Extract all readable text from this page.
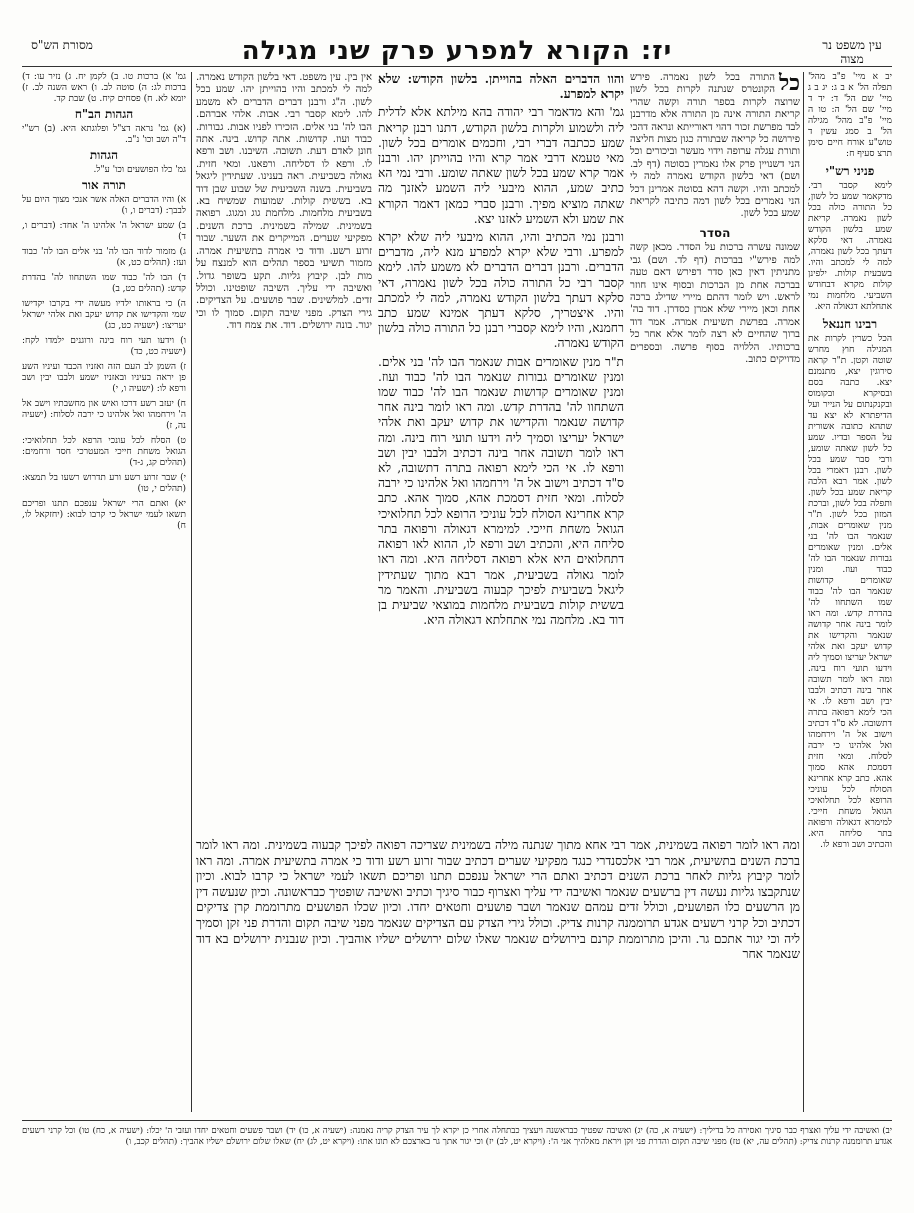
עין משפט נר מצוה
יז: הקורא למפרע פרק שני מגילה
מסורת הש"ס

יב א מיי' פ"ב מהל' תפלה הל' א ב ג: יג ב ג מיי' שם הל' ד: יד ד מיי' שם הל' ה: טו ה מיי' פ"ב מהל' מגילה הל' ב סמג עשין ד טוש"ע אורח חיים סימן תרצ סעיף ח:

פניני רש"י

לימא קסבר רבי. מדקאמר שמע כל לשון, כל התורה כולה בכל לשון נאמרה. קריאת שמע בלשון הקודש נאמרה. דאי סלקא דעתך בכל לשון נאמרה, למה לי למכתב והיו. בשבעית קולות. ילפינן קולות מקרא דבחודש השביעי. מלחמות נמי אתחלתא דגאולה היא.

רבינו חננאל

הכל כשרין לקרות את המגילה חוץ מחרש שוטה וקטן. ת"ר קראה סירוגין יצא, מתנמנם יצא. כתבה בסם ובסיקרא ובקומוס ובקנקנתום על הנייר ועל הדיפתרא לא יצא עד שתהא כתובה אשורית על הספר ובדיו. שמע כל לשון שאתה שומע, ורבי סבר שמע בכל לשון. רבנן דאמרי בכל לשון. אמר רבא הלכה קריאת שמע בכל לשון. ותפלה בכל לשון, וברכת המזון בכל לשון. ת"ר מנין שאומרים אבות, שנאמר הבו לה' בני אלים. ומנין שאומרים גבורות שנאמר הבו לה' כבוד ועוז. ומנין שאומרים קדושות שנאמר הבו לה' כבוד שמו השתחוו לה' בהדרת קדש. ומה ראו לומר בינה אחר קדושה שנאמר והקדישו את קדוש יעקב ואת אלהי ישראל יעריצו וסמיך ליה וידעו תועי רוח בינה. ומה ראו לומר תשובה אחר בינה דכתיב ולבבו יבין ושב ורפא לו. אי הכי לימא רפואה בתרה דתשובה. לא ס"ד דכתיב וישוב אל ה' וירחמהו ואל אלהינו כי ירבה לסלוח. ומאי חזית דסמכת אהא סמוך אהא. כתב קרא אחרינא הסולח לכל עוניכי הרופא לכל תחלואיכי הגואל משחת חייכי. למימרא דגאולה ורפואה בתר סליחה היא. והכתיב ושב ורפא לו.

כל

התורה בכל לשון נאמרה. פירש הקונטרס שנתנה לקרות בכל לשון שרוצה לקרות בספר תורה וקשה שהרי קריאת התורה אינה מן התורה אלא מדרבנן לבד מפרשת זכור דהוי דאורייתא ונראה דהכי פירושה כל קריאה שבתורה כגון מצות חליצה ותורת עגלה ערופה וידוי מעשר וביכורים וכל הני דשנויין פרק אלו נאמרין בסוטה (דף לב. ושם) דאי בלשון הקודש נאמרה למה לי למכתב והיו. וקשה דהא בסוטה אמרינן דכל הני נאמרים בכל לשון דמה כתיבה לקריאת שמע בכל לשון.

הסדר

שמונה עשרה ברכות על הסדר. מכאן קשה למה פירש"י בברכות (דף לד. ושם) גבי מתניתין דאין כאן סדר דפירש דאם טעה בברכה אחת מן הברכות ובסוף אינו חוזר לראש. ויש לומר דהתם מיירי שדילג ברכה אחת וכאן מיירי שלא אמרן כסדרן. דוד בה' אמרה. בפרשת תשיעית אמרה. אמר דוד ברוך שהחיים לא רצה לומר אלא אחר כל ברכותיו. הללויה בסוף פרשה. ובספרים מדויקים כתוב.

והוו הדברים האלה בהוייתן. בלשון הקודש: שלא יקרא למפרע.

גמ' והא מדאמר רבי יהודה בהא מילתא אלא לדלית ליה ולשמוע ולקרות בלשון הקודש, דתנו רבנן קריאת שמע ככתבה דברי רבי, וחכמים אומרים בכל לשון. מאי טעמא דרבי אמר קרא והיו בהוייתן יהו. ורבנן אמר קרא שמע בכל לשון שאתה שומע. ורבי נמי הא כתיב שמע, ההוא מיבעי ליה השמע לאזנך מה שאתה מוציא מפיך. ורבנן סברי כמאן דאמר הקורא את שמע ולא השמיע לאזנו יצא.

ורבנן נמי הכתיב והיו, ההוא מיבעי ליה שלא יקרא למפרע. ורבי שלא יקרא למפרע מנא ליה, מדברים הדברים. ורבנן דברים הדברים לא משמע להו. לימא קסבר רבי כל התורה כולה בכל לשון נאמרה, דאי סלקא דעתך בלשון הקודש נאמרה, למה לי למכתב והיו. איצטריך, סלקא דעתך אמינא שמע כתב רחמנא, והיו לימא קסברי רבנן כל התורה כולה בלשון הקודש נאמרה.

ת"ר מנין שאומרים אבות שנאמר הבו לה' בני אלים. ומנין שאומרים גבורות שנאמר הבו לה' כבוד ועוז. ומנין שאומרים קדושות שנאמר הבו לה' כבוד שמו השתחוו לה' בהדרת קדש. ומה ראו לומר בינה אחר קדושה שנאמר והקדישו את קדוש יעקב ואת אלהי ישראל יעריצו וסמיך ליה וידעו תועי רוח בינה. ומה ראו לומר תשובה אחר בינה דכתיב ולבבו יבין ושב ורפא לו. אי הכי לימא רפואה בתרה דתשובה, לא ס"ד דכתיב וישוב אל ה' וירחמהו ואל אלהינו כי ירבה לסלוח. ומאי חזית דסמכת אהא, סמוך אהא. כתב קרא אחרינא הסולח לכל עוניכי הרופא לכל תחלואיכי הגואל משחת חייכי. למימרא דגאולה ורפואה בתר סליחה היא, והכתיב ושב ורפא לו, ההוא לאו רפואה דתחלואים היא אלא רפואה דסליחה היא. ומה ראו לומר גאולה בשביעית, אמר רבא מתוך שעתידין ליגאל בשביעית לפיכך קבעוה בשביעית. והאמר מר בששית קולות בשביעית מלחמות במוצאי שביעית בן דוד בא. מלחמה נמי אתחלתא דגאולה היא.

אין בין. עין משפט. דאי בלשון הקודש נאמרה. למה לי למכתב והיו בהוייתן יהו. שמע בכל לשון. ה"ג ורבנן דברים הדברים לא משמע להו. לימא קסבר רבי. אבות. אלהי אברהם. הבו לה' בני אלים. הזכירו לפניו אבות. גבורות. כבוד ועוז. קדושות. אתה קדוש. בינה. אתה חונן לאדם דעת. תשובה. השיבנו. ושב ורפא לו. ורפא לו דסליחה. ורפאנו. ומאי חזית. גאולה בשביעית. ראה בענינו. שעתידין ליגאל בשביעית. בשנה השביעית של שבוע שבן דוד בא. בששית קולות. שמועות שמשיח בא. בשביעית מלחמות. מלחמת גוג ומגוג. רפואה בשמינית. שמילה בשמינית. ברכת השנים. מפקיעי שערים. המייקרים את השער. שבור זרוע רשע. ודוד כי אמרה בתשיעית אמרה. מזמור תשיעי בספר תהלים הוא למנצח על מות לבן. קיבוץ גליות. תקע בשופר גדול. ואשיבה ידי עליך. השיבה שופטינו. וכולל זדים. למלשינים. שבר פושעים. על הצדיקים. גירי הצדק. מפני שיבה תקום. סמוך לו וכי יגור. בונה ירושלים. דוד. את צמח דוד.

ומה ראו לומר רפואה בשמינית, אמר רבי אחא מתוך שנתנה מילה בשמינית שצריכה רפואה לפיכך קבעוה בשמינית. ומה ראו לומר ברכת השנים בתשיעית, אמר רבי אלכסנדרי כנגד מפקיעי שערים דכתיב שבור זרוע רשע ודוד כי אמרה בתשיעית אמרה. ומה ראו לומר קיבוץ גליות לאחר ברכת השנים דכתיב ואתם הרי ישראל ענפכם תתנו ופריכם תשאו לעמי ישראל כי קרבו לבוא. וכיון שנתקבצו גליות נעשה דין ברשעים שנאמר ואשיבה ידי עליך ואצרוף כבור סיגיך וכתיב ואשיבה שופטיך כבראשונה. וכיון שנעשה דין מן הרשעים כלו הפושעים, וכולל זדים עמהם שנאמר ושבר פושעים וחטאים יחדו. וכיון שכלו הפושעים מתרוממת קרן צדיקים דכתיב וכל קרני רשעים אגדע תרוממנה קרנות צדיק. וכולל גירי הצדק עם הצדיקים שנאמר מפני שיבה תקום והדרת פני זקן וסמיך ליה וכי יגור אתכם גר. והיכן מתרוממת קרנם בירושלים שנאמר שאלו שלום ירושלים ישליו אוהביך. וכיון שנבנית ירושלים בא דוד שנאמר אחר

גמ' א) ברכות טו. ב) לקמן יח. ג) נזיר עו: ד) ברכות לג: ה) סוטה לב. ו) ראש השנה לב. ז) יומא לא. ח) פסחים קיח. ט) שבת קד.

הגהות הב"ח

(א) גמ' נראה דצ"ל ופלוגתא היא. (ב) רש"י ד"ה ושב וכו' נ"ב.

הגהות

גמ' כלו הפושעים וכו' ע"ל.

תורה אור

א) והיו הדברים האלה אשר אנכי מצוך היום על לבבך: (דברים ו, ו)

ב) שמע ישראל ה' אלהינו ה' אחד: (דברים ו, ד)

ג) מזמור לדוד הבו לה' בני אלים הבו לה' כבוד ועז: (תהלים כט, א)

ד) הבו לה' כבוד שמו השתחוו לה' בהדרת קדש: (תהלים כט, ב)

ה) כי בראותו ילדיו מעשה ידי בקרבו יקדישו שמי והקדישו את קדוש יעקב ואת אלהי ישראל יעריצו: (ישעיה כט, כג)

ו) וידעו תעי רוח בינה ורוגנים ילמדו לקח: (ישעיה כט, כד)

ז) השמן לב העם הזה ואזניו הכבד ועיניו השע פן יראה בעיניו ובאזניו ישמע ולבבו יבין ושב ורפא לו: (ישעיה ו, י)

ח) יעזב רשע דרכו ואיש און מחשבתיו וישב אל ה' וירחמהו ואל אלהינו כי ירבה לסלוח: (ישעיה נה, ז)

ט) הסלח לכל עונכי הרפא לכל תחלואיכי: הגואל משחת חייכי המעטרכי חסד ורחמים: (תהלים קג, ג-ד)

י) שבר זרוע רשע ורע תדרוש רשעו בל תמצא: (תהלים י, טו)

יא) ואתם הרי ישראל ענפכם תתנו ופריכם תשאו לעמי ישראל כי קרבו לבוא: (יחזקאל לו, ח)

יב) ואשיבה ידי עליך ואצרף כבר סיגיך ואסירה כל בדיליך: (ישעיה א, כה) יג) ואשיבה שפטיך כבראשנה ויעציך כבתחלה אחרי כן יקרא לך עיר הצדק קריה נאמנה: (ישעיה א, כו) יד) ושבר פשעים וחטאים יחדו ועזבי ה' יכלו: (ישעיה א, כח) טו) וכל קרני רשעים אגדע תרוממנה קרנות צדיק: (תהלים עה, יא) טז) מפני שיבה תקום והדרת פני זקן ויראת מאלהיך אני ה': (ויקרא יט, לב) יז) וכי יגור אתך גר בארצכם לא תונו אתו: (ויקרא יט, לג) יח) שאלו שלום ירושלם ישליו אהביך: (תהלים קכב, ו)
